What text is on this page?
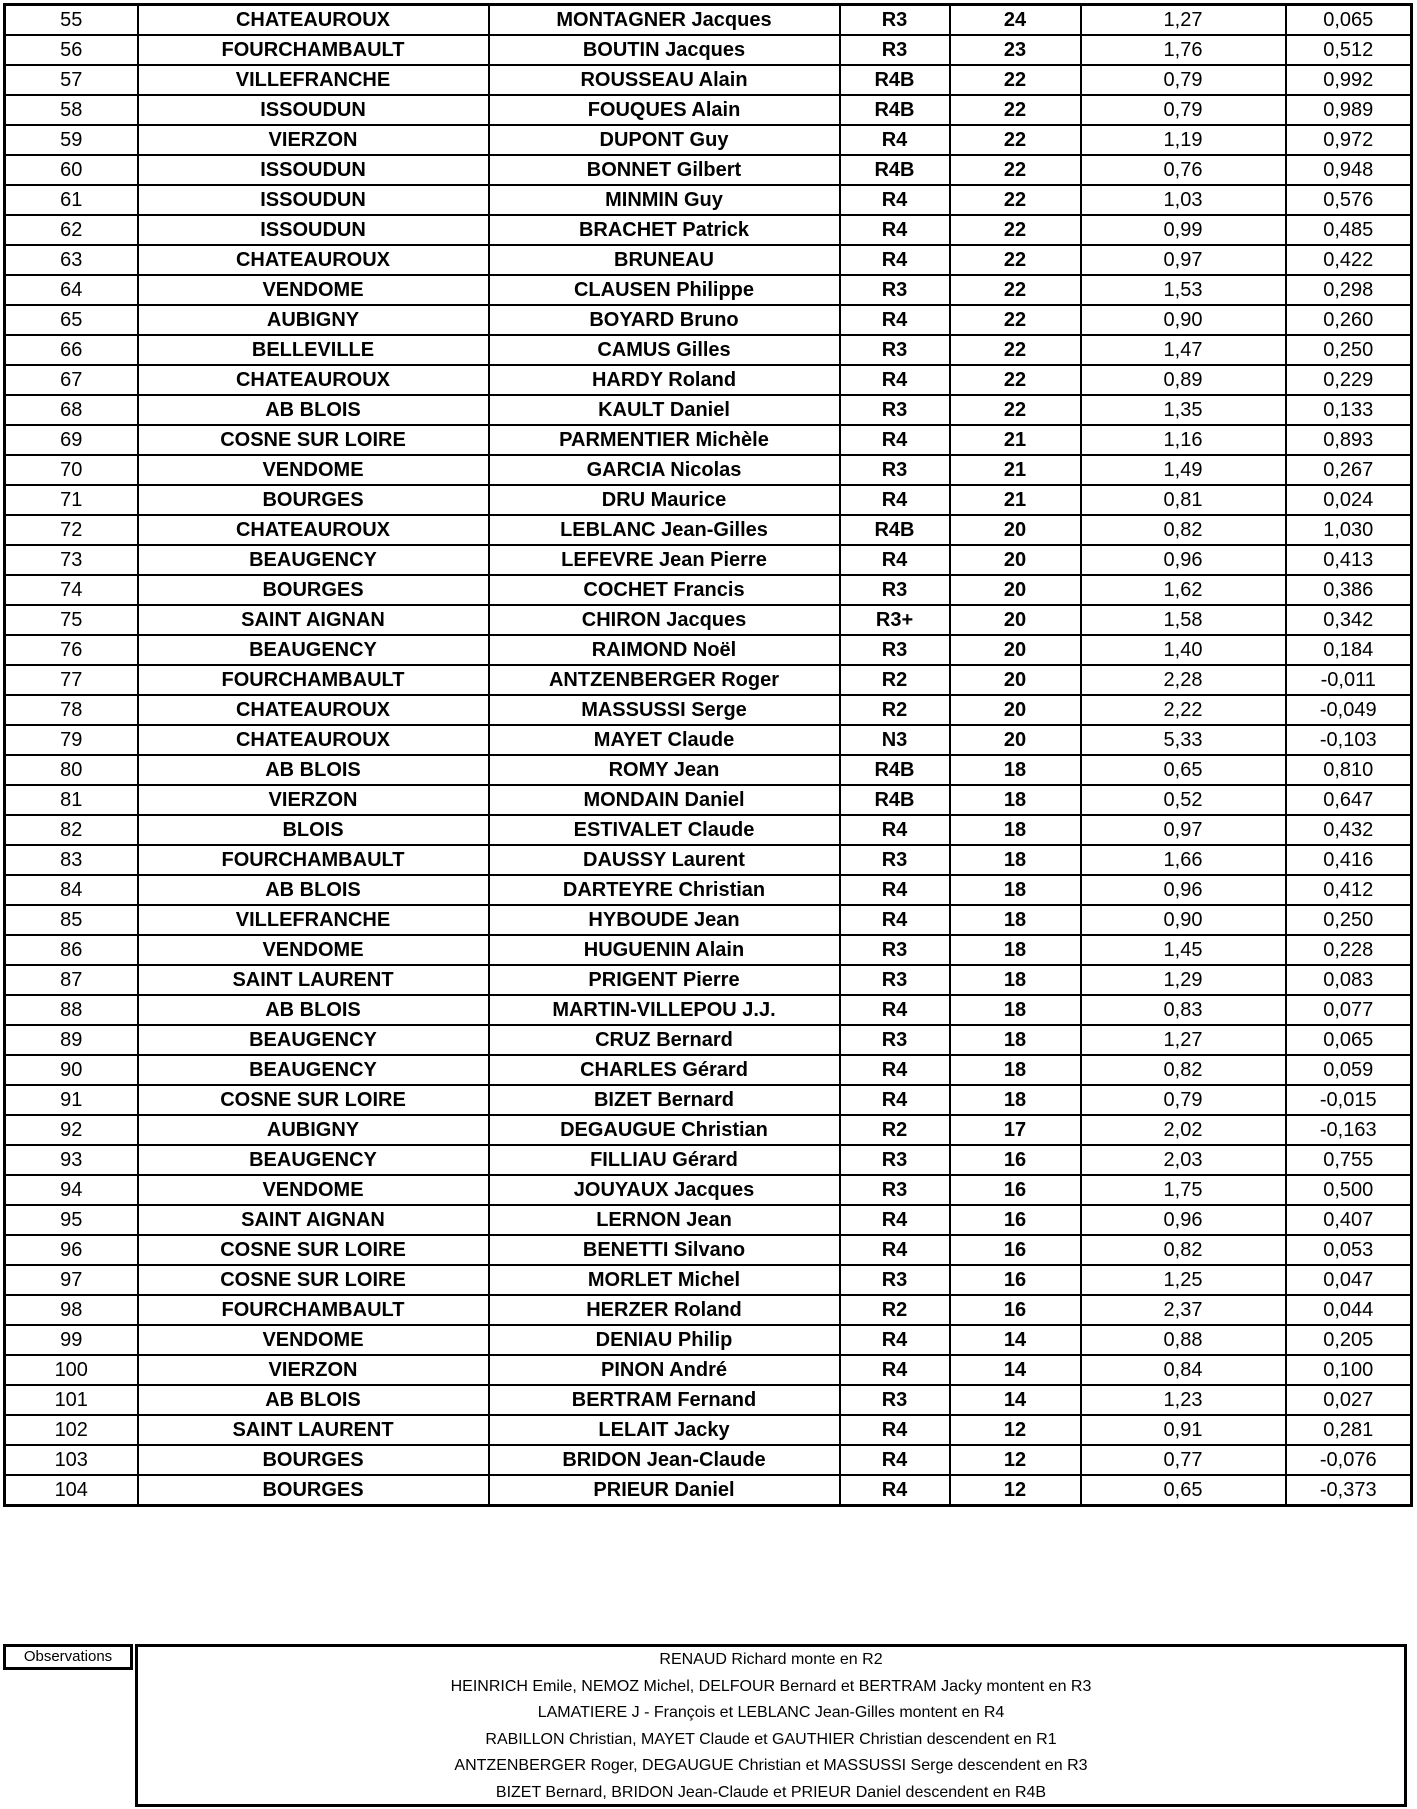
55	CHATEAUROUX	MONTAGNER Jacques	R3	24	1,27	0,065
56	FOURCHAMBAULT	BOUTIN Jacques	R3	23	1,76	0,512
57	VILLEFRANCHE	ROUSSEAU Alain	R4B	22	0,79	0,992
58	ISSOUDUN	FOUQUES Alain	R4B	22	0,79	0,989
59	VIERZON	DUPONT Guy	R4	22	1,19	0,972
60	ISSOUDUN	BONNET Gilbert	R4B	22	0,76	0,948
61	ISSOUDUN	MINMIN Guy	R4	22	1,03	0,576
62	ISSOUDUN	BRACHET Patrick	R4	22	0,99	0,485
63	CHATEAUROUX	BRUNEAU	R4	22	0,97	0,422
64	VENDOME	CLAUSEN Philippe	R3	22	1,53	0,298
65	AUBIGNY	BOYARD Bruno	R4	22	0,90	0,260
66	BELLEVILLE	CAMUS Gilles	R3	22	1,47	0,250
67	CHATEAUROUX	HARDY Roland	R4	22	0,89	0,229
68	AB BLOIS	KAULT Daniel	R3	22	1,35	0,133
69	COSNE SUR LOIRE	PARMENTIER Michèle	R4	21	1,16	0,893
70	VENDOME	GARCIA Nicolas	R3	21	1,49	0,267
71	BOURGES	DRU Maurice	R4	21	0,81	0,024
72	CHATEAUROUX	LEBLANC Jean-Gilles	R4B	20	0,82	1,030
73	BEAUGENCY	LEFEVRE Jean Pierre	R4	20	0,96	0,413
74	BOURGES	COCHET Francis	R3	20	1,62	0,386
75	SAINT AIGNAN	CHIRON Jacques	R3+	20	1,58	0,342
76	BEAUGENCY	RAIMOND Noël	R3	20	1,40	0,184
77	FOURCHAMBAULT	ANTZENBERGER Roger	R2	20	2,28	-0,011
78	CHATEAUROUX	MASSUSSI Serge	R2	20	2,22	-0,049
79	CHATEAUROUX	MAYET Claude	N3	20	5,33	-0,103
80	AB BLOIS	ROMY Jean	R4B	18	0,65	0,810
81	VIERZON	MONDAIN Daniel	R4B	18	0,52	0,647
82	BLOIS	ESTIVALET Claude	R4	18	0,97	0,432
83	FOURCHAMBAULT	DAUSSY Laurent	R3	18	1,66	0,416
84	AB BLOIS	DARTEYRE Christian	R4	18	0,96	0,412
85	VILLEFRANCHE	HYBOUDE Jean	R4	18	0,90	0,250
86	VENDOME	HUGUENIN Alain	R3	18	1,45	0,228
87	SAINT LAURENT	PRIGENT Pierre	R3	18	1,29	0,083
88	AB BLOIS	MARTIN-VILLEPOU J.J.	R4	18	0,83	0,077
89	BEAUGENCY	CRUZ Bernard	R3	18	1,27	0,065
90	BEAUGENCY	CHARLES Gérard	R4	18	0,82	0,059
91	COSNE SUR LOIRE	BIZET Bernard	R4	18	0,79	-0,015
92	AUBIGNY	DEGAUGUE Christian	R2	17	2,02	-0,163
93	BEAUGENCY	FILLIAU Gérard	R3	16	2,03	0,755
94	VENDOME	JOUYAUX Jacques	R3	16	1,75	0,500
95	SAINT AIGNAN	LERNON Jean	R4	16	0,96	0,407
96	COSNE SUR LOIRE	BENETTI Silvano	R4	16	0,82	0,053
97	COSNE SUR LOIRE	MORLET Michel	R3	16	1,25	0,047
98	FOURCHAMBAULT	HERZER Roland	R2	16	2,37	0,044
99	VENDOME	DENIAU Philip	R4	14	0,88	0,205
100	VIERZON	PINON André	R4	14	0,84	0,100
101	AB BLOIS	BERTRAM Fernand	R3	14	1,23	0,027
102	SAINT LAURENT	LELAIT Jacky	R4	12	0,91	0,281
103	BOURGES	BRIDON Jean-Claude	R4	12	0,77	-0,076
104	BOURGES	PRIEUR Daniel	R4	12	0,65	-0,373
Observations	RENAUD Richard monte en R2
HEINRICH Emile, NEMOZ Michel, DELFOUR Bernard et BERTRAM Jacky montent en R3
LAMATIERE J - François et LEBLANC Jean-Gilles montent en R4
RABILLON Christian, MAYET Claude et GAUTHIER Christian descendent en R1
ANTZENBERGER Roger, DEGAUGUE Christian et MASSUSSI Serge descendent en R3
BIZET Bernard, BRIDON Jean-Claude et PRIEUR Daniel descendent en R4B
